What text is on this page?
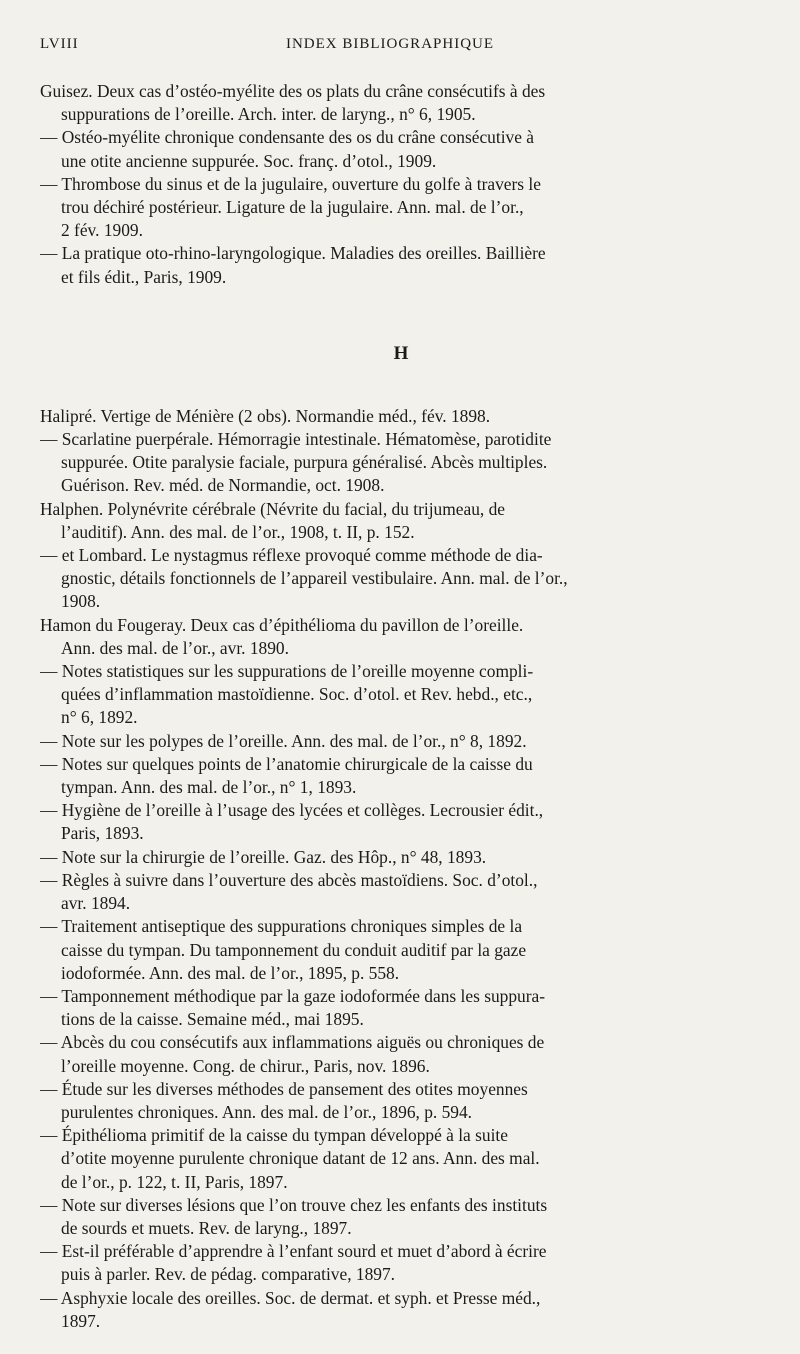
LVIII	INDEX BIBLIOGRAPHIQUE
Guisez. Deux cas d’ostéo-myélite des os plats du crâne consécutifs à des
suppurations de l’oreille. Arch. inter. de laryng., n° 6, 1905.
— Ostéo-myélite chronique condensante des os du crâne consécutive à
une otite ancienne suppurée. Soc. franç. d’otol., 1909.
— Thrombose du sinus et de la jugulaire, ouverture du golfe à travers le
trou déchiré postérieur. Ligature de la jugulaire. Ann. mal. de l’or.,
2 fév. 1909.
— La pratique oto-rhino-laryngologique. Maladies des oreilles. Baillière
et fils édit., Paris, 1909.

H

Halipré. Vertige de Ménière (2 obs). Normandie méd., fév. 1898.
— Scarlatine puerpérale. Hémorragie intestinale. Hématomèse, parotidite
suppurée. Otite paralysie faciale, purpura généralisé. Abcès multiples.
Guérison. Rev. méd. de Normandie, oct. 1908.
Halphen. Polynévrite cérébrale (Névrite du facial, du trijumeau, de
l’auditif). Ann. des mal. de l’or., 1908, t. II, p. 152.
— et Lombard. Le nystagmus réflexe provoqué comme méthode de dia-
gnostic, détails fonctionnels de l’appareil vestibulaire. Ann. mal. de l’or.,
1908.
Hamon du Fougeray. Deux cas d’épithélioma du pavillon de l’oreille.
Ann. des mal. de l’or., avr. 1890.
— Notes statistiques sur les suppurations de l’oreille moyenne compli-
quées d’inflammation mastoïdienne. Soc. d’otol. et Rev. hebd., etc.,
n° 6, 1892.
— Note sur les polypes de l’oreille. Ann. des mal. de l’or., n° 8, 1892.
— Notes sur quelques points de l’anatomie chirurgicale de la caisse du
tympan. Ann. des mal. de l’or., n° 1, 1893.
— Hygiène de l’oreille à l’usage des lycées et collèges. Lecrousier édit.,
Paris, 1893.
— Note sur la chirurgie de l’oreille. Gaz. des Hôp., n° 48, 1893.
— Règles à suivre dans l’ouverture des abcès mastoïdiens. Soc. d’otol.,
avr. 1894.
— Traitement antiseptique des suppurations chroniques simples de la
caisse du tympan. Du tamponnement du conduit auditif par la gaze
iodoformée. Ann. des mal. de l’or., 1895, p. 558.
— Tamponnement méthodique par la gaze iodoformée dans les suppura-
tions de la caisse. Semaine méd., mai 1895.
— Abcès du cou consécutifs aux inflammations aiguës ou chroniques de
l’oreille moyenne. Cong. de chirur., Paris, nov. 1896.
— Étude sur les diverses méthodes de pansement des otites moyennes
purulentes chroniques. Ann. des mal. de l’or., 1896, p. 594.
— Épithélioma primitif de la caisse du tympan développé à la suite
d’otite moyenne purulente chronique datant de 12 ans. Ann. des mal.
de l’or., p. 122, t. II, Paris, 1897.
— Note sur diverses lésions que l’on trouve chez les enfants des instituts
de sourds et muets. Rev. de laryng., 1897.
— Est-il préférable d’apprendre à l’enfant sourd et muet d’abord à écrire
puis à parler. Rev. de pédag. comparative, 1897.
— Asphyxie locale des oreilles. Soc. de dermat. et syph. et Presse méd.,
1897.
